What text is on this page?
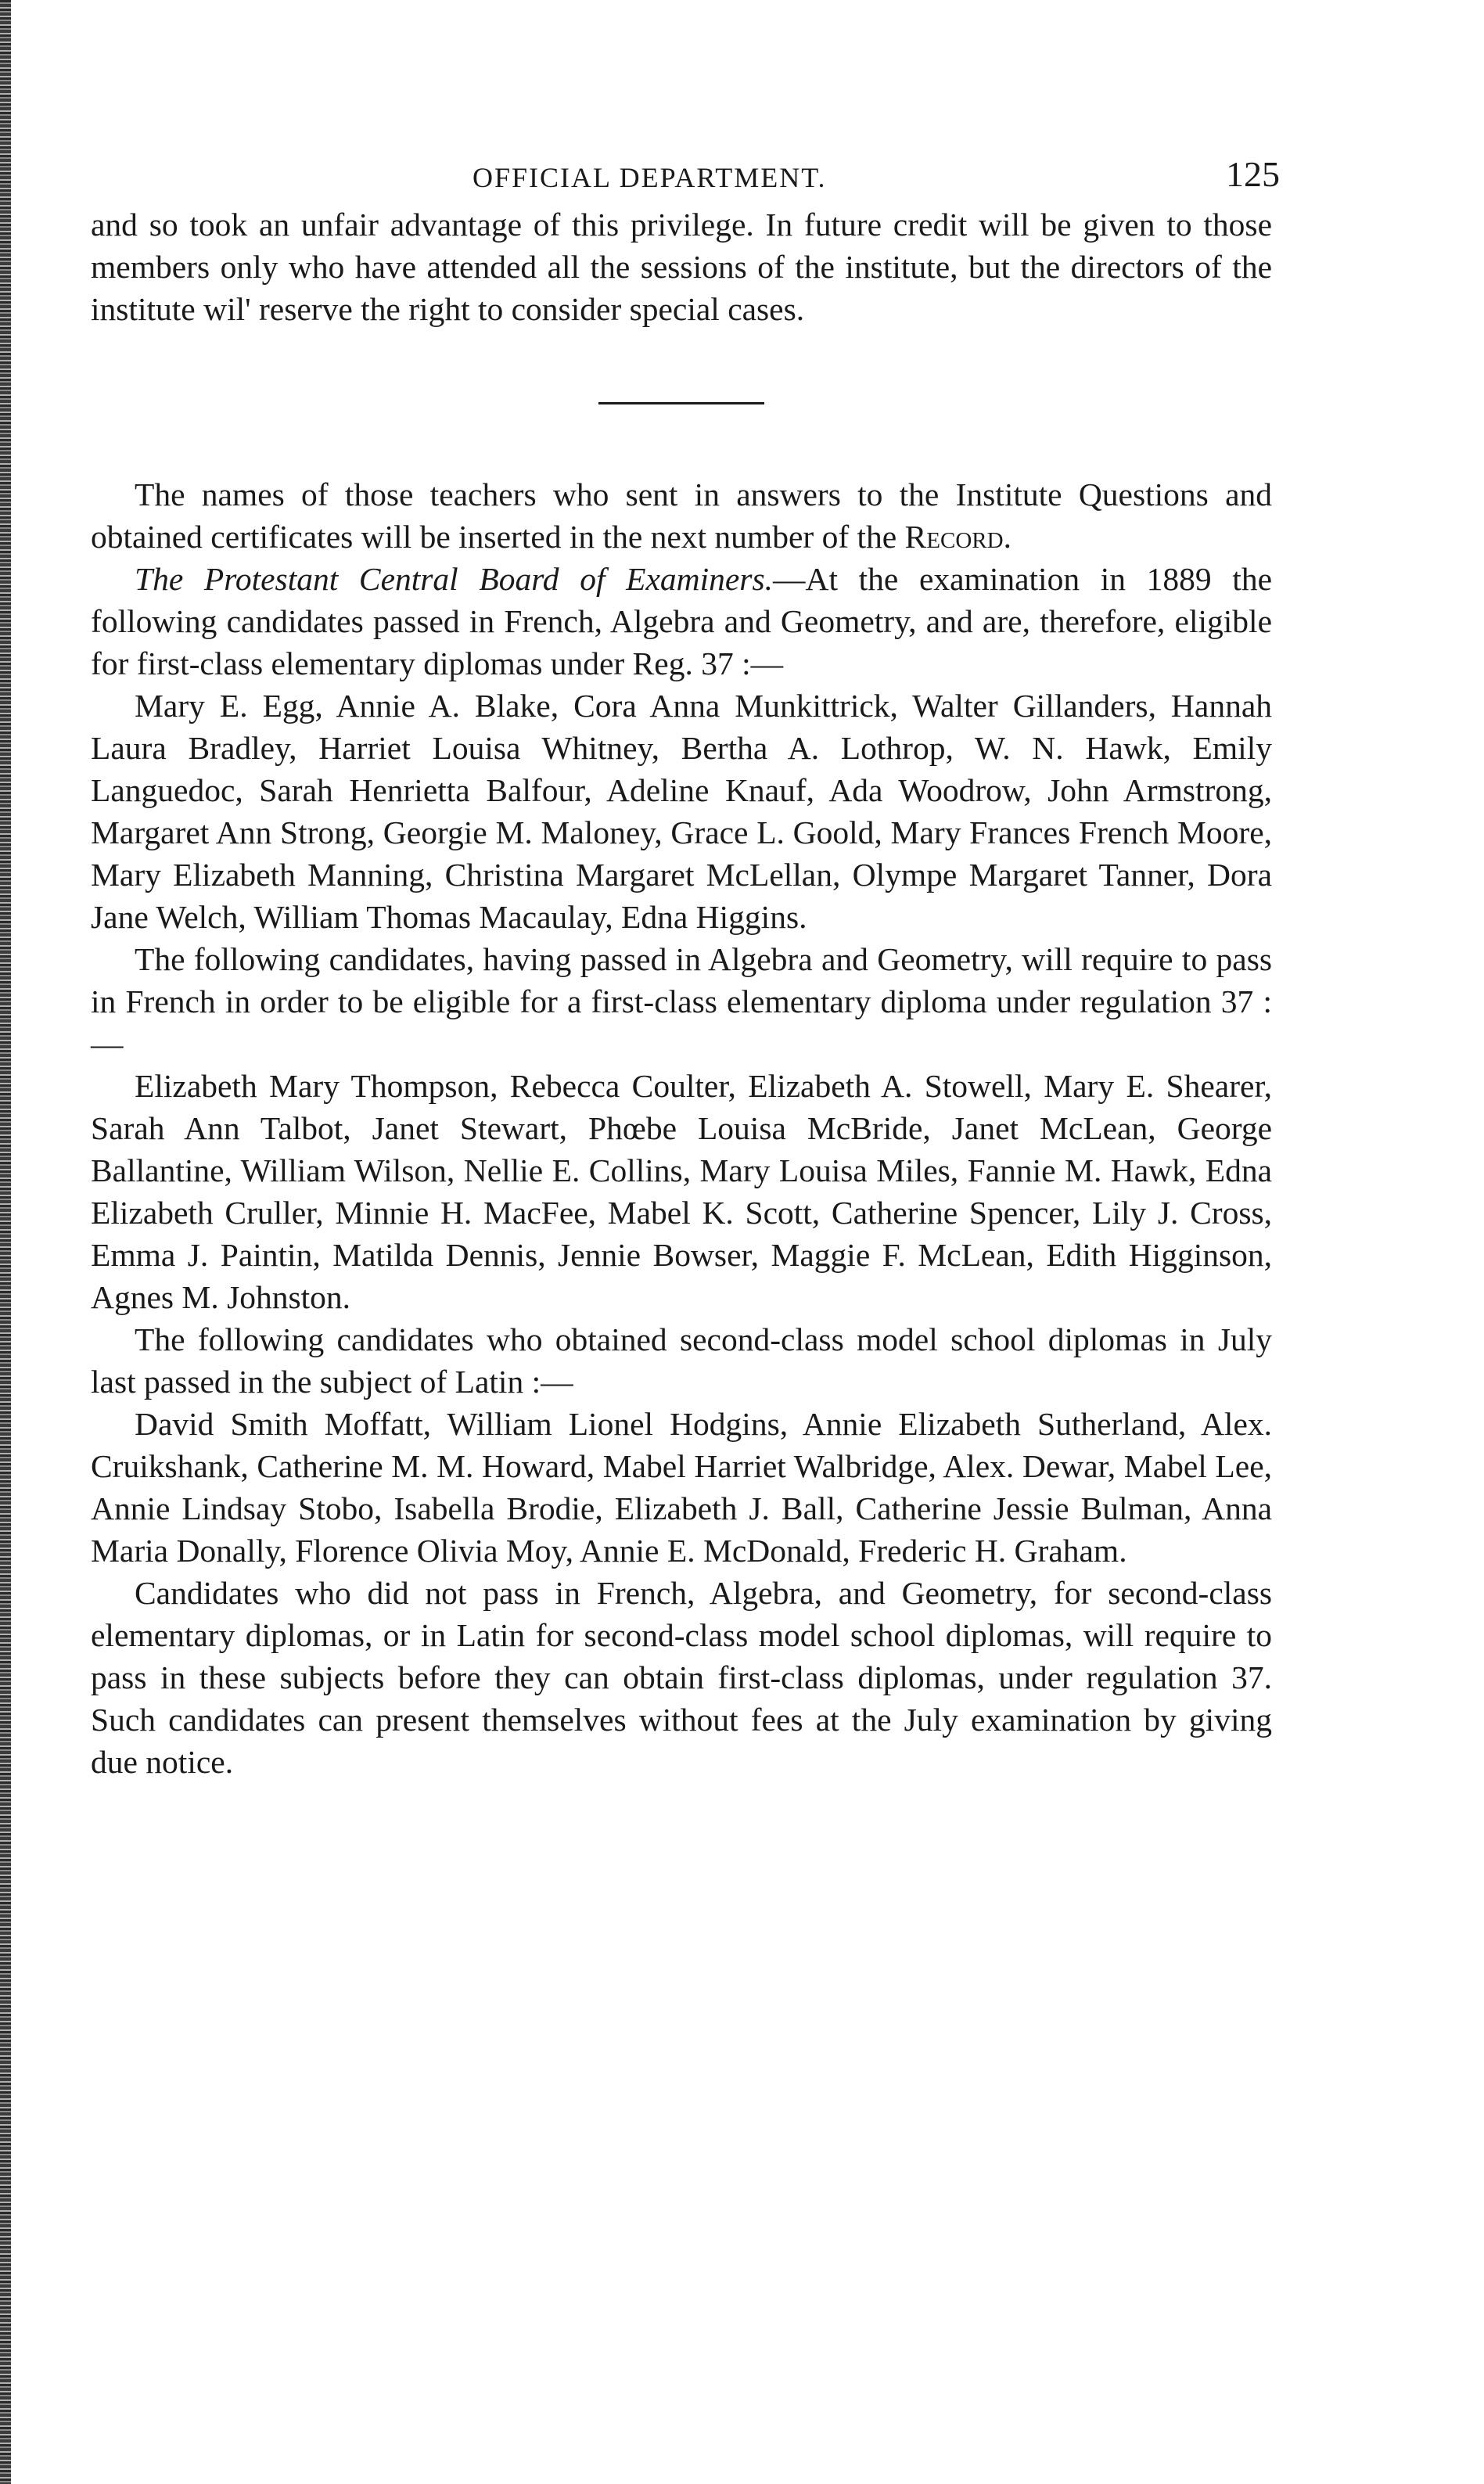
OFFICIAL DEPARTMENT.	125

and so took an unfair advantage of this privilege. In future credit will be given to those members only who have attended all the sessions of the institute, but the directors of the institute wil' reserve the right to consider special cases.

The names of those teachers who sent in answers to the Institute Questions and obtained certificates will be inserted in the next number of the Record.

The Protestant Central Board of Examiners.—At the examination in 1889 the following candidates passed in French, Algebra and Geometry, and are, therefore, eligible for first-class elementary diplomas under Reg. 37 :—

Mary E. Egg, Annie A. Blake, Cora Anna Munkittrick, Walter Gillanders, Hannah Laura Bradley, Harriet Louisa Whitney, Bertha A. Lothrop, W. N. Hawk, Emily Languedoc, Sarah Henrietta Balfour, Adeline Knauf, Ada Woodrow, John Armstrong, Margaret Ann Strong, Georgie M. Maloney, Grace L. Goold, Mary Frances French Moore, Mary Elizabeth Manning, Christina Margaret McLellan, Olympe Margaret Tanner, Dora Jane Welch, William Thomas Macaulay, Edna Higgins.

The following candidates, having passed in Algebra and Geometry, will require to pass in French in order to be eligible for a first-class elementary diploma under regulation 37 :—

Elizabeth Mary Thompson, Rebecca Coulter, Elizabeth A. Stowell, Mary E. Shearer, Sarah Ann Talbot, Janet Stewart, Phœbe Louisa McBride, Janet McLean, George Ballantine, William Wilson, Nellie E. Collins, Mary Louisa Miles, Fannie M. Hawk, Edna Elizabeth Cruller, Minnie H. MacFee, Mabel K. Scott, Catherine Spencer, Lily J. Cross, Emma J. Paintin, Matilda Dennis, Jennie Bowser, Maggie F. McLean, Edith Higginson, Agnes M. Johnston.

The following candidates who obtained second-class model school diplomas in July last passed in the subject of Latin :—

David Smith Moffatt, William Lionel Hodgins, Annie Elizabeth Sutherland, Alex. Cruikshank, Catherine M. M. Howard, Mabel Harriet Walbridge, Alex. Dewar, Mabel Lee, Annie Lindsay Stobo, Isabella Brodie, Elizabeth J. Ball, Catherine Jessie Bulman, Anna Maria Donally, Florence Olivia Moy, Annie E. McDonald, Frederic H. Graham.

Candidates who did not pass in French, Algebra, and Geometry, for second-class elementary diplomas, or in Latin for second-class model school diplomas, will require to pass in these subjects before they can obtain first-class diplomas, under regulation 37. Such candidates can present themselves without fees at the July examination by giving due notice.
